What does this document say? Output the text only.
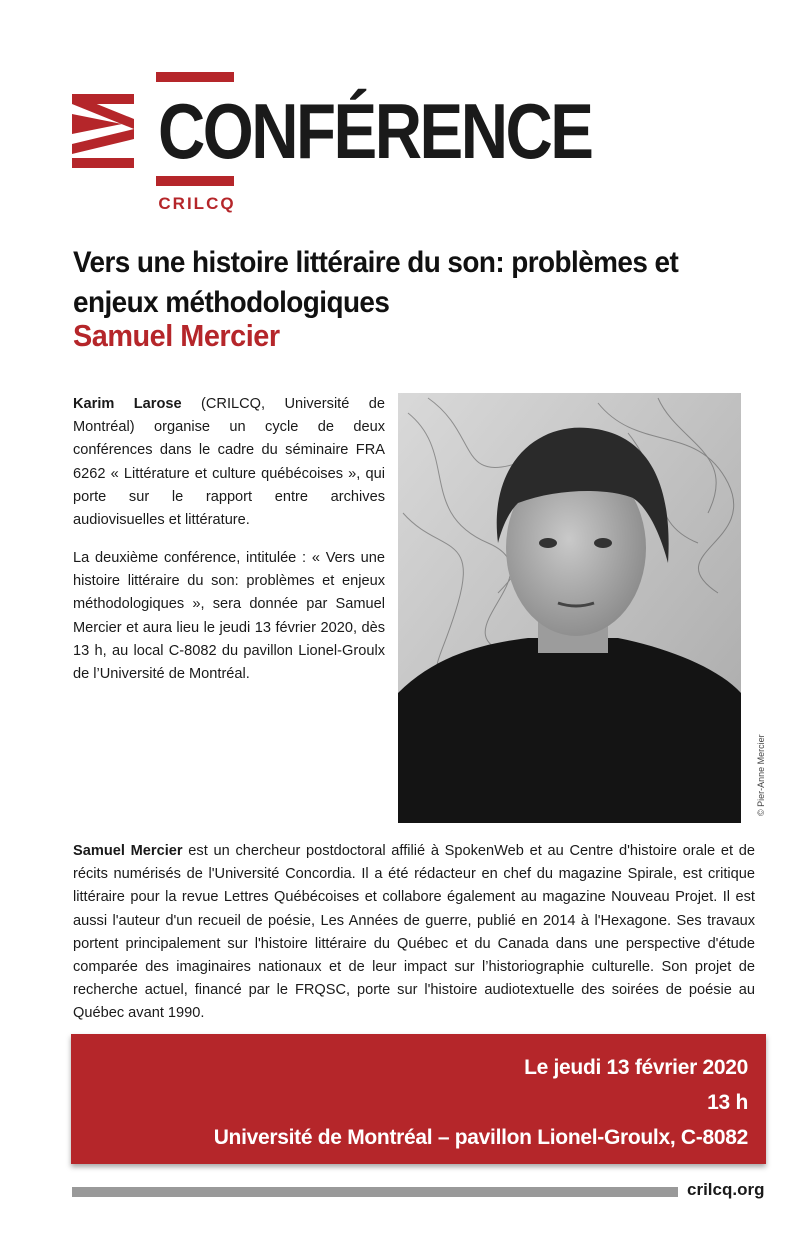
CONFÉRENCE
CRILCQ
Vers une histoire littéraire du son: problèmes et enjeux méthodologiques
Samuel Mercier
Karim Larose (CRILCQ, Université de Montréal) organise un cycle de deux conférences dans le cadre du séminaire FRA 6262 « Littérature et culture québécoises », qui porte sur le rapport entre archives audiovisuelles et littérature.
La deuxième conférence, intitulée : « Vers une histoire littéraire du son: problèmes et enjeux méthodologiques », sera donnée par Samuel Mercier et aura lieu le jeudi 13 février 2020, dès 13 h, au local C-8082 du pavillon Lionel-Groulx de l’Université de Montréal.
© Pier-Anne Mercier
Samuel Mercier est un chercheur postdoctoral affilié à SpokenWeb et au Centre d'histoire orale et de récits numérisés de l'Université Concordia. Il a été rédacteur en chef du magazine Spirale, est critique littéraire pour la revue Lettres Québécoises et collabore également au magazine Nouveau Projet. Il est aussi l'auteur d'un recueil de poésie, Les Années de guerre, publié en 2014 à l'Hexagone. Ses travaux portent principalement sur l'histoire littéraire du Québec et du Canada dans une perspective d'étude comparée des imaginaires nationaux et de leur impact sur l’historiographie culturelle. Son projet de recherche actuel, financé par le FRQSC, porte sur l'histoire audiotextuelle des soirées de poésie au Québec avant 1990.
Le jeudi 13 février 2020
13 h
Université de Montréal – pavillon Lionel-Groulx, C-8082
crilcq.org
